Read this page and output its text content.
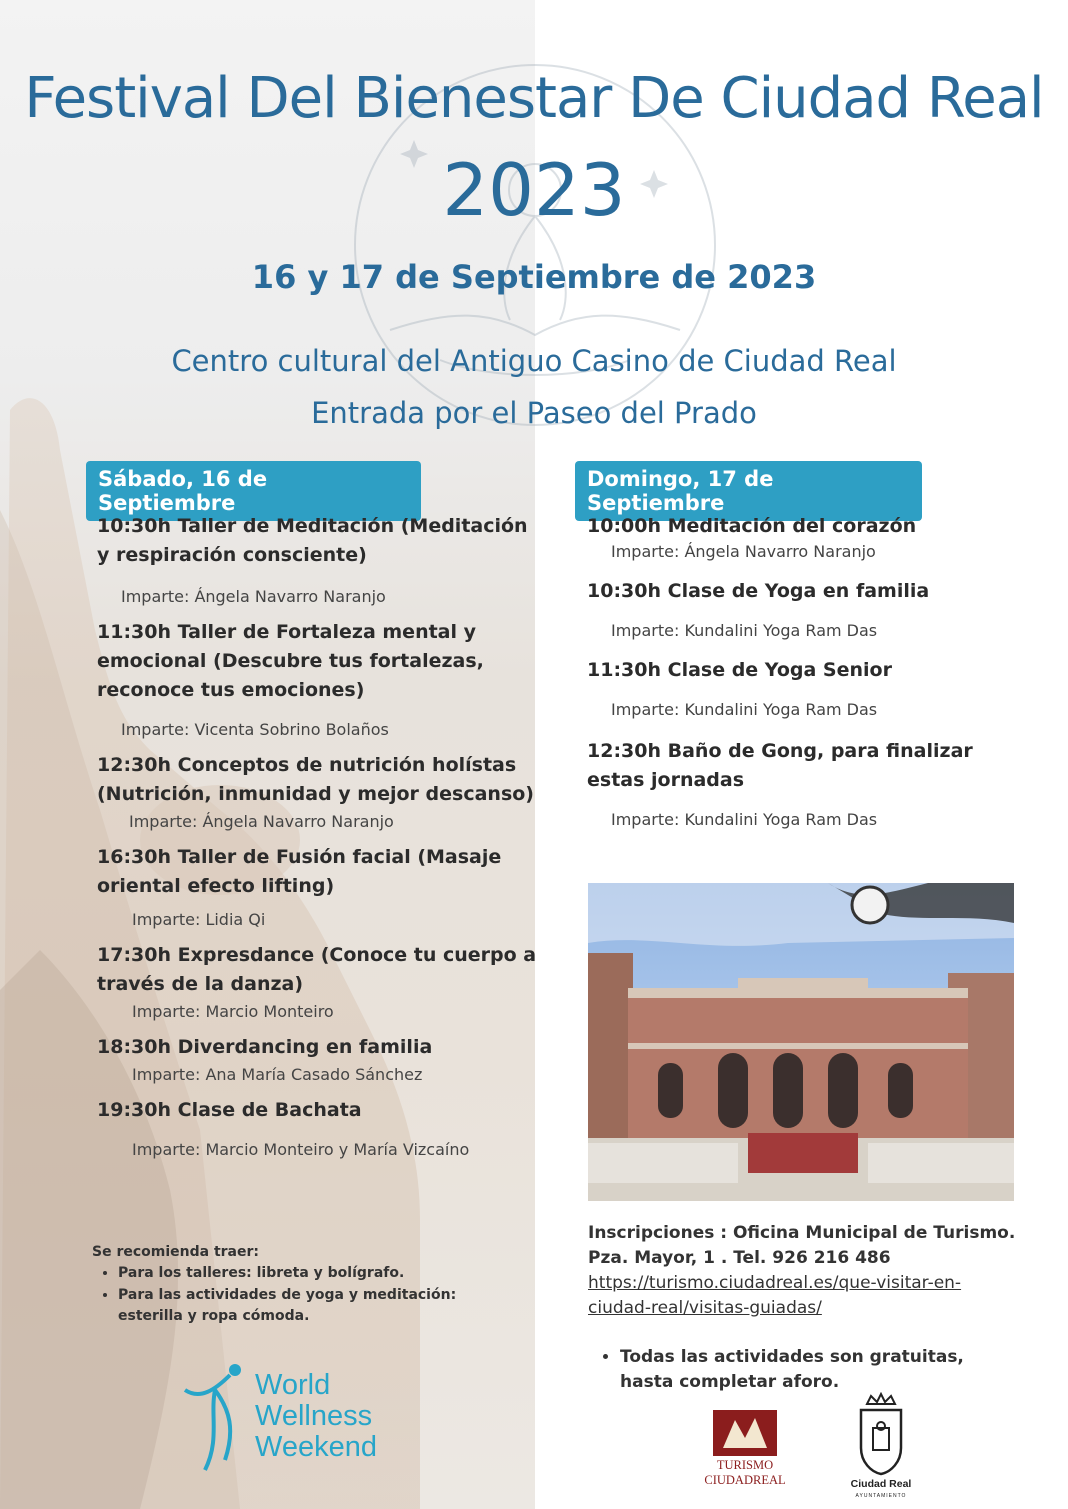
Festival Del Bienestar De Ciudad Real
2023
16 y 17 de Septiembre de 2023
Centro cultural del Antiguo Casino de Ciudad Real
Entrada por el Paseo del Prado
Sábado, 16 de Septiembre
Domingo, 17 de Septiembre
10:30h Taller de Meditación (Meditación y respiración consciente)
Imparte: Ángela Navarro Naranjo
11:30h Taller de Fortaleza mental y emocional (Descubre tus fortalezas, reconoce tus emociones)
Imparte: Vicenta Sobrino Bolaños
12:30h Conceptos de nutrición holístas (Nutrición, inmunidad y mejor descanso)
Imparte: Ángela Navarro Naranjo
16:30h Taller de Fusión facial (Masaje oriental efecto lifting)
Imparte: Lidia Qi
17:30h Expresdance (Conoce tu cuerpo a través de la danza)
Imparte: Marcio Monteiro
18:30h Diverdancing en familia
Imparte: Ana María Casado Sánchez
19:30h Clase de Bachata
Imparte: Marcio Monteiro y María Vizcaíno
10:00h Meditación del corazón
Imparte: Ángela Navarro Naranjo
10:30h Clase de Yoga en familia
Imparte: Kundalini Yoga Ram Das
11:30h Clase de Yoga Senior
Imparte: Kundalini Yoga Ram Das
12:30h Baño de Gong, para finalizar estas jornadas
Imparte: Kundalini Yoga Ram Das
Se recomienda traer:
• Para los talleres: libreta y bolígrafo.
• Para las actividades de yoga y meditación: esterilla y ropa cómoda.
Inscripciones : Oficina Municipal de Turismo.
Pza. Mayor, 1 . Tel. 926 216 486
https://turismo.ciudadreal.es/que-visitar-en-ciudad-real/visitas-guiadas/
• Todas las actividades son gratuitas, hasta completar aforo.
World
Wellness
Weekend
TURISMO
CIUDADREAL	Ciudad Real
AYUNTAMIENTO
